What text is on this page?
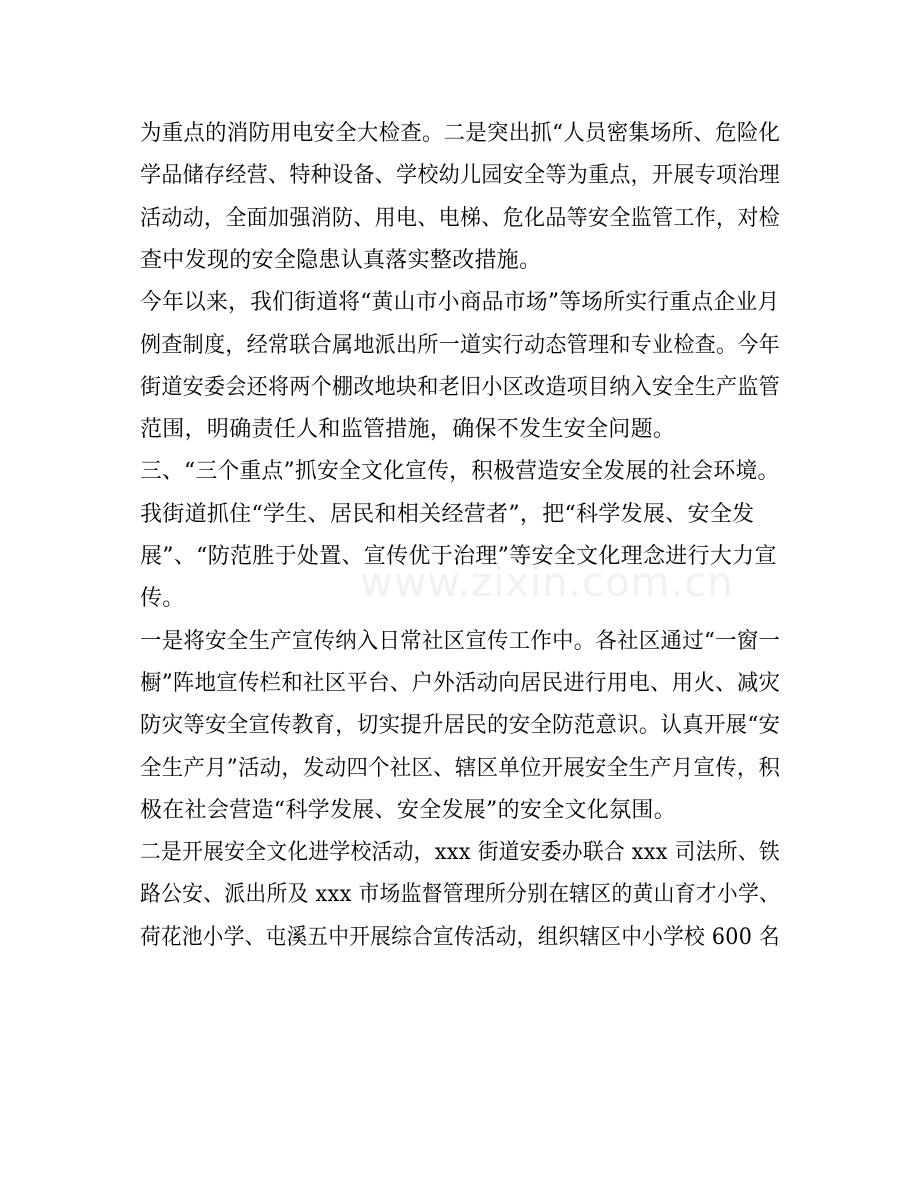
www.zixin.com.cn
为重点的消防用电安全大检查。二是突出抓“人员密集场所、危险化
学品储存经营、特种设备、学校幼儿园安全等为重点，开展专项治理
活动动，全面加强消防、用电、电梯、危化品等安全监管工作，对检
查中发现的安全隐患认真落实整改措施。
今年以来，我们街道将“黄山市小商品市场”等场所实行重点企业月
例查制度，经常联合属地派出所一道实行动态管理和专业检查。今年
街道安委会还将两个棚改地块和老旧小区改造项目纳入安全生产监管
范围，明确责任人和监管措施，确保不发生安全问题。
三、“三个重点”抓安全文化宣传，积极营造安全发展的社会环境。
我街道抓住“学生、居民和相关经营者”，把“科学发展、安全发
展”、“防范胜于处置、宣传优于治理”等安全文化理念进行大力宣
传。
一是将安全生产宣传纳入日常社区宣传工作中。各社区通过“一窗一
橱”阵地宣传栏和社区平台、户外活动向居民进行用电、用火、减灾
防灾等安全宣传教育，切实提升居民的安全防范意识。认真开展“安
全生产月”活动，发动四个社区、辖区单位开展安全生产月宣传，积
极在社会营造“科学发展、安全发展”的安全文化氛围。
二是开展安全文化进学校活动，xxx 街道安委办联合 xxx 司法所、铁
路公安、派出所及 xxx 市场监督管理所分别在辖区的黄山育才小学、
荷花池小学、屯溪五中开展综合宣传活动，组织辖区中小学校 600 名
